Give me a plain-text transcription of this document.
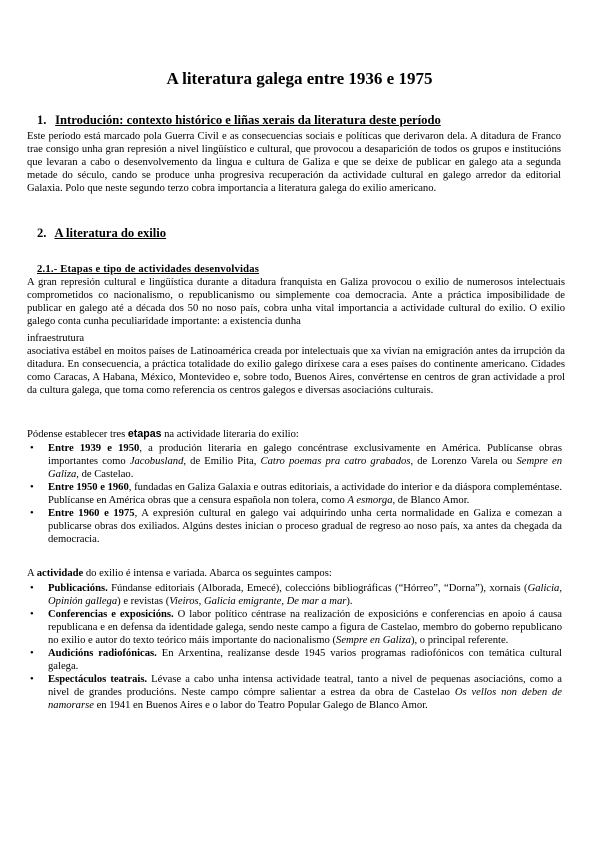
A literatura galega entre 1936 e 1975
1. Introdución: contexto histórico e liñas xerais da literatura deste período
Este período está marcado pola Guerra Civil e as consecuencias sociais e políticas que derivaron dela. A ditadura de Franco trae consigo unha gran represión a nivel lingüístico e cultural, que provocou a desaparición de todos os grupos e institucións que levaran a cabo o desenvolvemento da lingua e cultura de Galiza e que se deixe de publicar en galego ata a segunda metade do século, cando se produce unha progresiva recuperación da actividade cultural en galego arredor da editorial Galaxia. Polo que neste segundo terzo cobra importancia a literatura galega do exilio americano.
2. A literatura do exilio
2.1.- Etapas e tipo de actividades desenvolvidas
A gran represión cultural e lingüística durante a ditadura franquista en Galiza provocou o exilio de numerosos intelectuais comprometidos co nacionalismo, o republicanismo ou simplemente coa democracia. Ante a práctica imposibilidade de publicar en galego até a década dos 50 no noso país, cobra unha vital importancia a actividade cultural do exilio. O exilio galego conta cunha peculiaridade importante: a existencia dunha
infraestrutura
asociativa estábel en moitos países de Latinoamérica creada por intelectuais que xa vivían na emigración antes da irrupción da ditadura. En consecuencia, a práctica totalidade do exilio galego diríxese cara a eses países do continente americano. Cidades como Caracas, A Habana, México, Montevideo e, sobre todo, Buenos Aires, convértense en centros de gran actividade a prol da cultura galega, que toma como referencia os centros galegos e diversas asociacións culturais.
Pódense establecer tres etapas na actividade literaria do exilio:
• Entre 1939 e 1950, a produción literaria en galego concéntrase exclusivamente en América. Publícanse obras importantes como Jacobusland, de Emilio Pita, Catro poemas pra catro grabados, de Lorenzo Varela ou Sempre en Galiza, de Castelao.
• Entre 1950 e 1960, fundadas en Galiza Galaxia e outras editoriais, a actividade do interior e da diáspora compleméntase. Publícanse en América obras que a censura española non tolera, como A esmorga, de Blanco Amor.
• Entre 1960 e 1975, A expresión cultural en galego vai adquirindo unha certa normalidade en Galiza e comezan a publicarse obras dos exiliados. Algúns destes inician o proceso gradual de regreso ao noso país, xa antes da chegada da democracia.
A actividade do exilio é intensa e variada. Abarca os seguintes campos:
• Publicacións. Fúndanse editoriais (Alborada, Emecé), coleccións bibliográficas (“Hórreo”, “Dorna”), xornais (Galicia, Opinión gallega) e revistas (Vieiros, Galicia emigrante, De mar a mar).
• Conferencias e exposicións. O labor político céntrase na realización de exposicións e conferencias en apoio á causa republicana e en defensa da identidade galega, sendo neste campo a figura de Castelao, membro do goberno republicano no exilio e autor do texto teórico máis importante do nacionalismo (Sempre en Galiza), o principal referente.
• Audicións radiofónicas. En Arxentina, realízanse desde 1945 varios programas radiofónicos con temática cultural galega.
• Espectáculos teatrais. Lévase a cabo unha intensa actividade teatral, tanto a nivel de pequenas asociacións, como a nivel de grandes producións. Neste campo cómpre salientar a estrea da obra de Castelao Os vellos non deben de namorarse en 1941 en Buenos Aires e o labor do Teatro Popular Galego de Blanco Amor.
